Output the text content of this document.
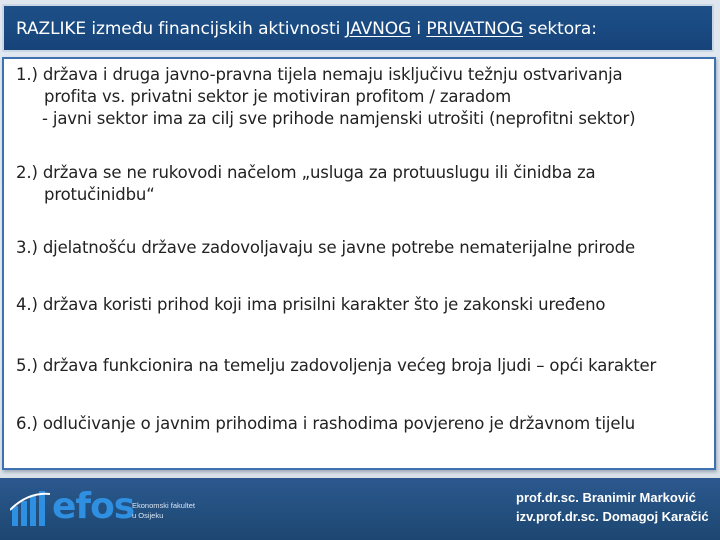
RAZLIKE između financijskih aktivnosti JAVNOG i PRIVATNOG sektora:
1.) država i druga javno-pravna tijela nemaju isključivu težnju ostvarivanja
profita vs. privatni sektor je motiviran profitom / zaradom
- javni sektor ima za cilj sve prihode namjenski utrošiti (neprofitni sektor)
2.) država se ne rukovodi načelom „usluga za protuuslugu ili činidba za
protučinidbu“
3.) djelatnošću države zadovoljavaju se javne potrebe nematerijalne prirode
4.) država koristi prihod koji ima prisilni karakter što je zakonski uređeno
5.) država funkcionira na temelju zadovoljenja većeg broja ljudi – opći karakter
6.) odlučivanje o javnim prihodima i rashodima povjereno je državnom tijelu
efos
Ekonomski fakultet
u Osijeku
prof.dr.sc. Branimir Marković
izv.prof.dr.sc. Domagoj Karačić
